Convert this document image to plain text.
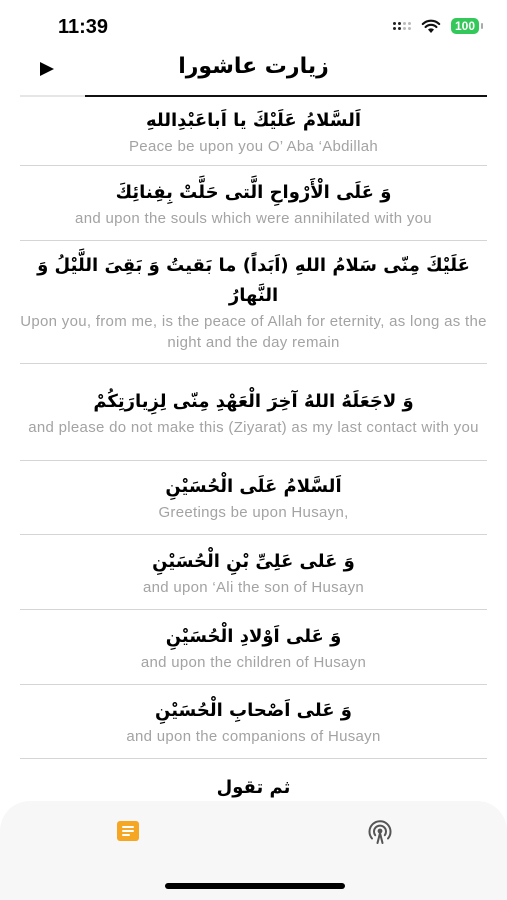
11:39	100
زيارت عاشورا
اَلسَّلامُ عَلَيْكَ يا اَباعَبْدِاللهِ
Peace be upon you O’ Aba ‘Abdillah
وَ عَلَى الْأَرْواحِ الَّتى حَلَّتْ بِفِنائِكَ
and upon the souls which were annihilated with you
عَلَيْكَ مِنّى سَلامُ اللهِ (اَبَداً) ما بَقيتُ وَ بَقِىَ اللَّيْلُ وَ النَّهارُ
Upon you, from me, is the peace of Allah for eternity, as long as the night and the day remain
وَ لاجَعَلَهُ اللهُ آخِرَ الْعَهْدِ مِنّى لِزِيارَتِكُمْ
and please do not make this (Ziyarat) as my last contact with you
اَلسَّلامُ عَلَى الْحُسَيْنِ
Greetings be upon Husayn,
وَ عَلى عَلِىِّ بْنِ الْحُسَيْنِ
and upon ‘Ali the son of Husayn
وَ عَلى اَوْلادِ الْحُسَيْنِ
and upon the children of Husayn
وَ عَلى اَصْحابِ الْحُسَيْنِ
and upon the companions of Husayn
ثم تقول
